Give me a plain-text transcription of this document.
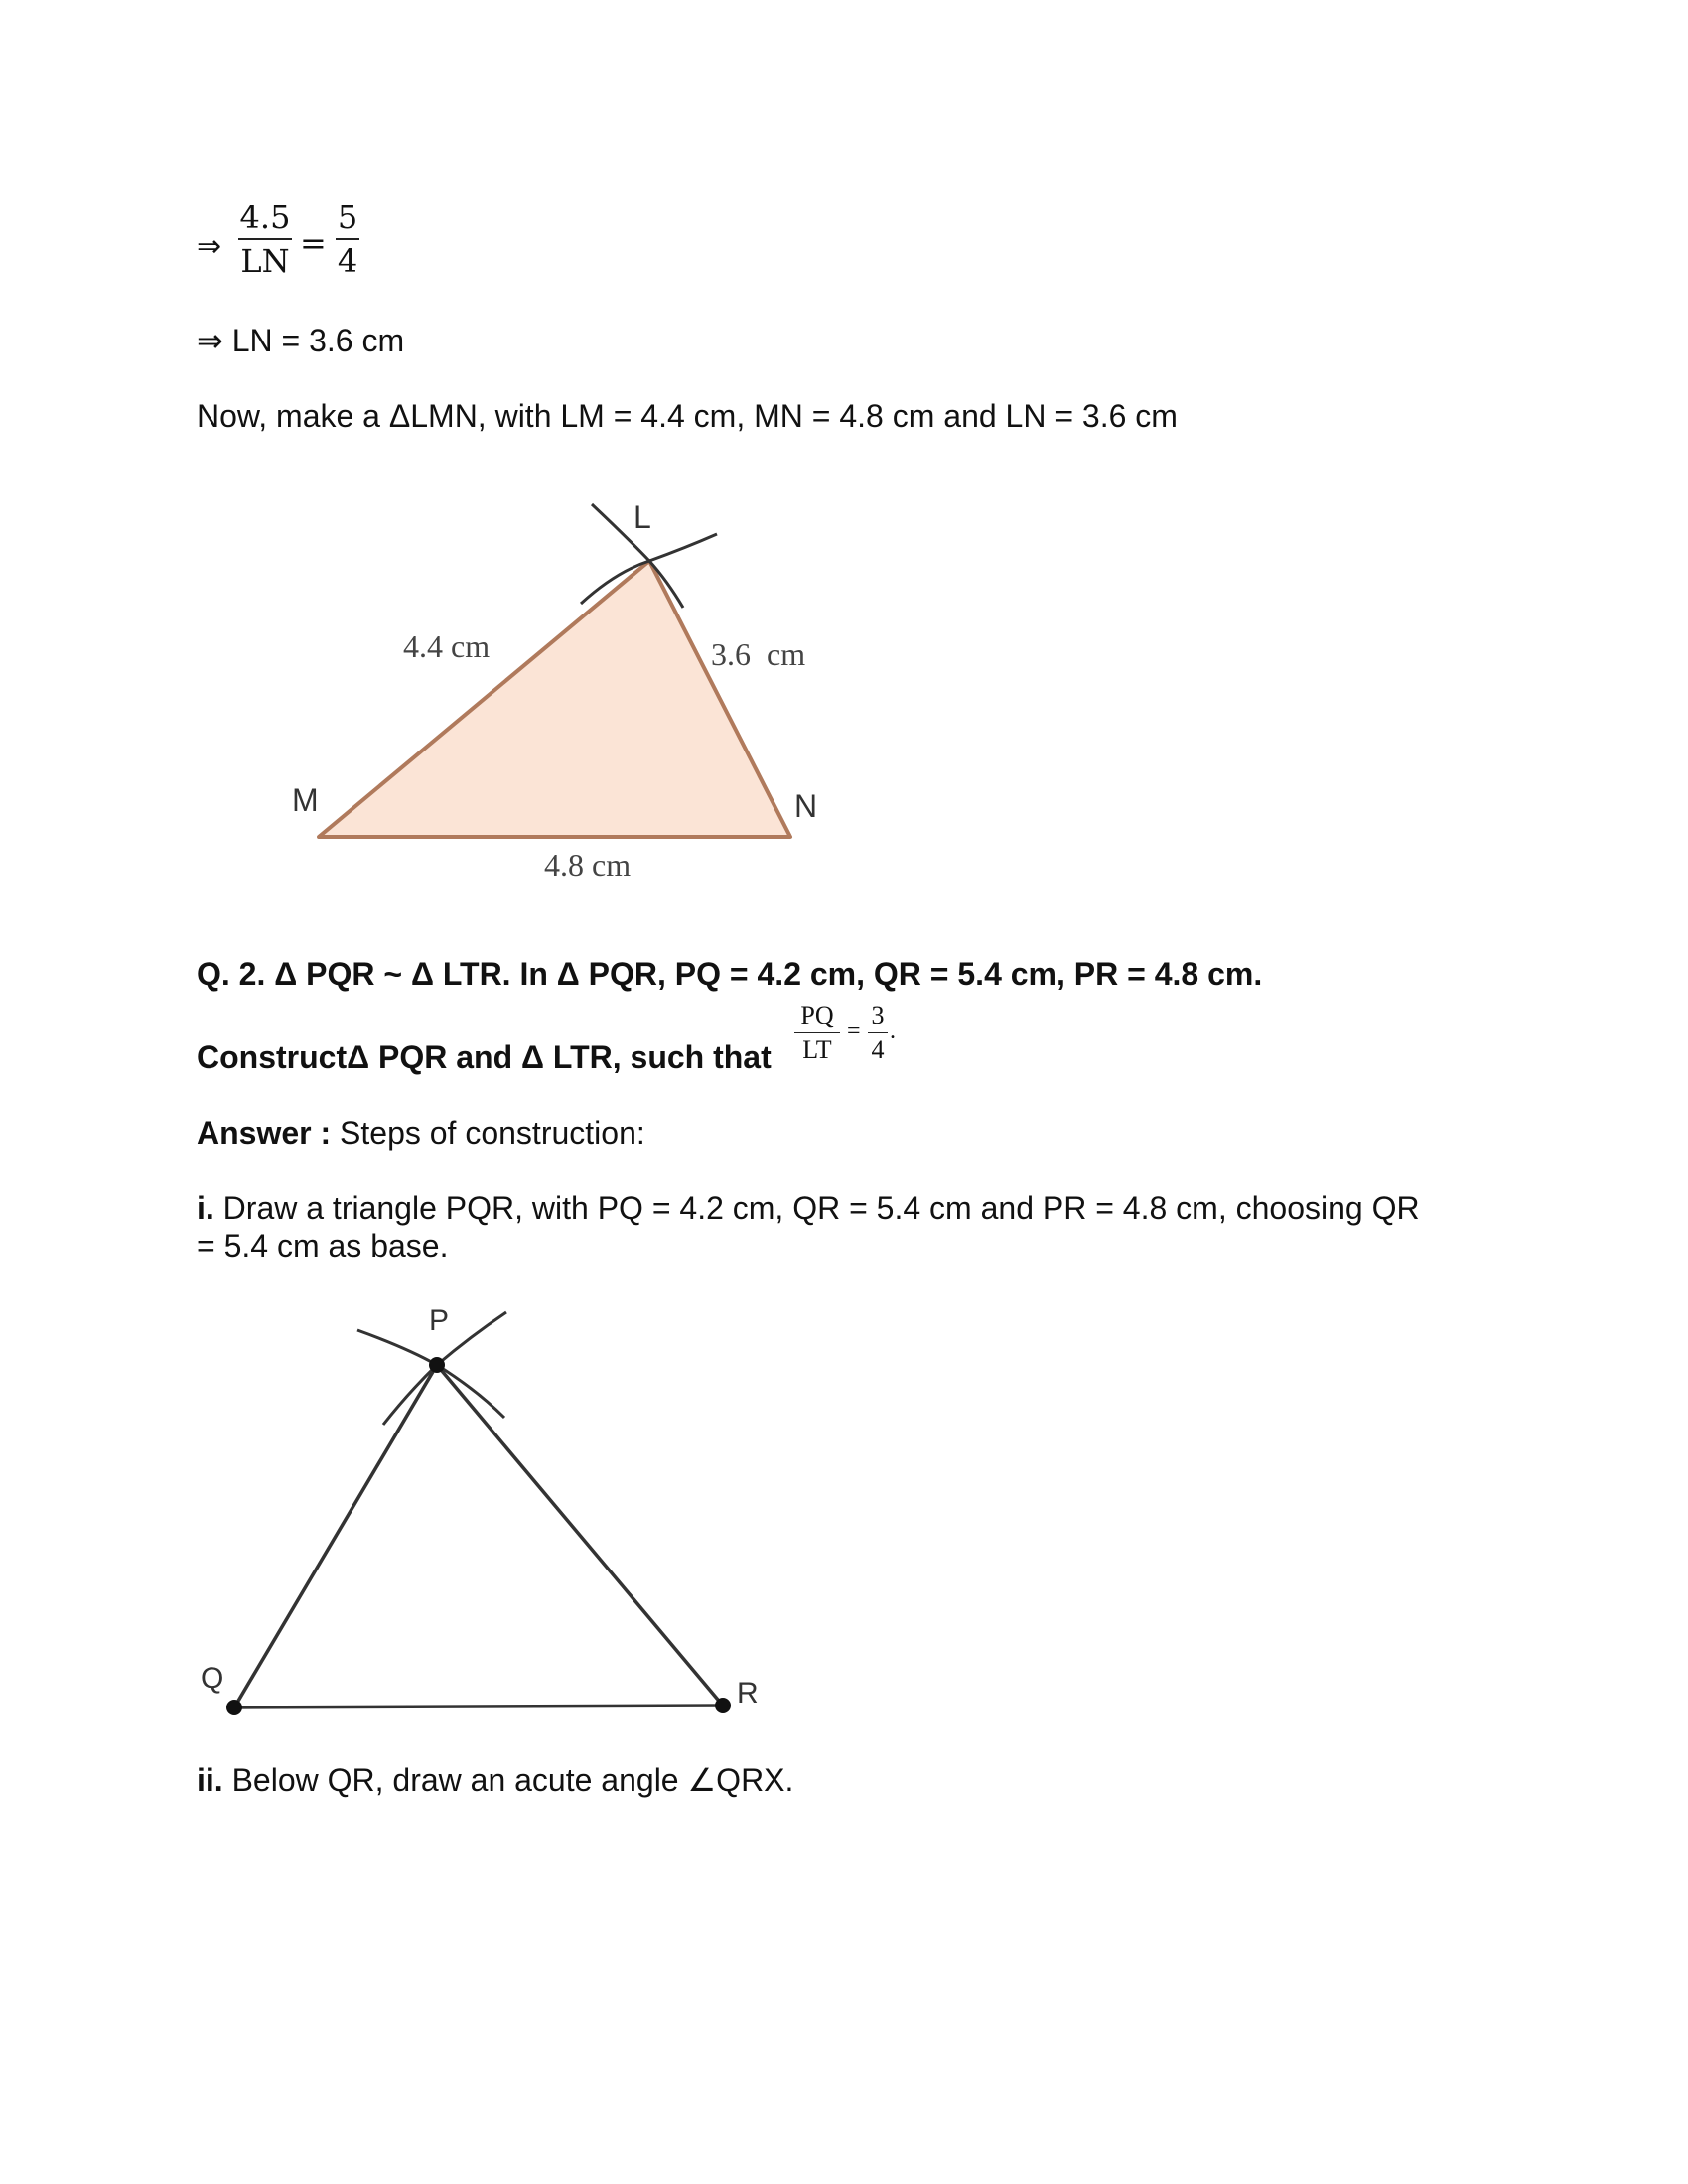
⇒
4.5
LN =
5
4
⇒ LN = 3.6 cm
Now, make a ΔLMN, with LM = 4.4 cm, MN = 4.8 cm and LN = 3.6 cm
L
M	N
4.4 cm	3.6  cm
4.8 cm
Q. 2. Δ PQR ~ Δ LTR. In Δ PQR, PQ = 4.2 cm, QR = 5.4 cm, PR = 4.8 cm.
ConstructΔ PQR and Δ LTR, such that
PQ
LT
=
3
4
.
Answer : Steps of construction:
i. Draw a triangle PQR, with PQ = 4.2 cm, QR = 5.4 cm and PR = 4.8 cm, choosing QR
= 5.4 cm as base.
P
Q	R
ii. Below QR, draw an acute angle ∠QRX.
